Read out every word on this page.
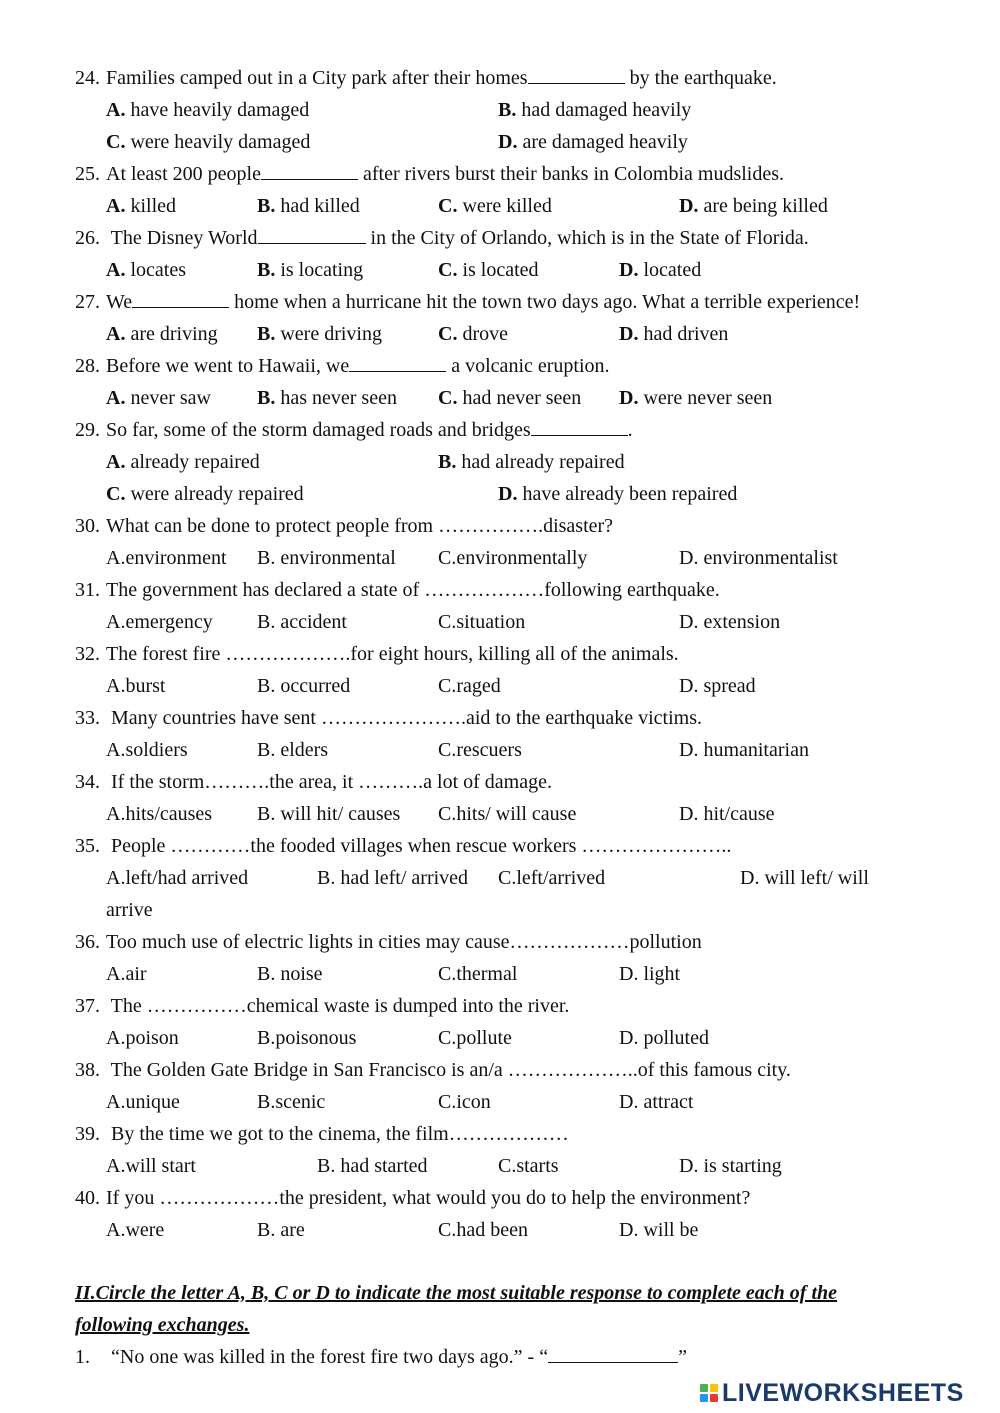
24. Families camped out in a City park after their homes	by the earthquake.
A. have heavily damaged	B. had damaged heavily
C. were heavily damaged	D. are damaged heavily
25. At least 200 people	after rivers burst their banks in Colombia mudslides.
A. killed	B. had killed	C. were killed	D. are being killed
26. The Disney World	in the City of Orlando, which is in the State of Florida.
A. locates	B. is locating	C. is located	D. located
27. We	home when a hurricane hit the town two days ago. What a terrible experience!
A. are driving B. were driving	C. drove	D. had driven
28. Before we went to Hawaii, we	a volcanic eruption.
A. never saw B. has never seen C. had never seen D. were never seen
29. So far, some of the storm damaged roads and bridges	.
A. already repaired	B. had already repaired
C. were already repaired	D. have already been repaired
30. What can be done to protect people from …………….disaster?
A.environment B. environmental C.environmentally	D. environmentalist
31. The government has declared a state of ………………following earthquake.
A.emergency B. accident	C.situation	D. extension
32. The forest fire ……………….for eight hours, killing all of the animals.
A.burst	B. occurred	C.raged	D. spread
33. Many countries have sent ………………….aid to the earthquake victims.
A.soldiers	B. elders	C.rescuers	D. humanitarian
34. If the storm……….the area, it ……….a lot of damage.
A.hits/causes B. will hit/ causes C.hits/ will cause	D. hit/cause
35. People …………the fooded villages when rescue workers …………………..
A.left/had arrived	B. had left/ arrived C.left/arrived	D. will left/ will
arrive
36. Too much use of electric lights in cities may cause………………pollution
A.air	B. noise	C.thermal	D. light
37. The ……………chemical waste is dumped into the river.
A.poison	B.poisonous	C.pollute	D. polluted
38. The Golden Gate Bridge in San Francisco is an/a ………………..of this famous city.
A.unique	B.scenic	C.icon	D. attract
39. By the time we got to the cinema, the film………………
A.will start	B. had started	C.starts	D. is starting
40. If you ………………the president, what would you do to help the environment?
A.were	B. are	C.had been	D. will be
II.Circle the letter A, B, C or D to indicate the most suitable response to complete each of the
following exchanges.
1. “No one was killed in the forest fire two days ago.” - “	”
LIVEWORKSHEETS
